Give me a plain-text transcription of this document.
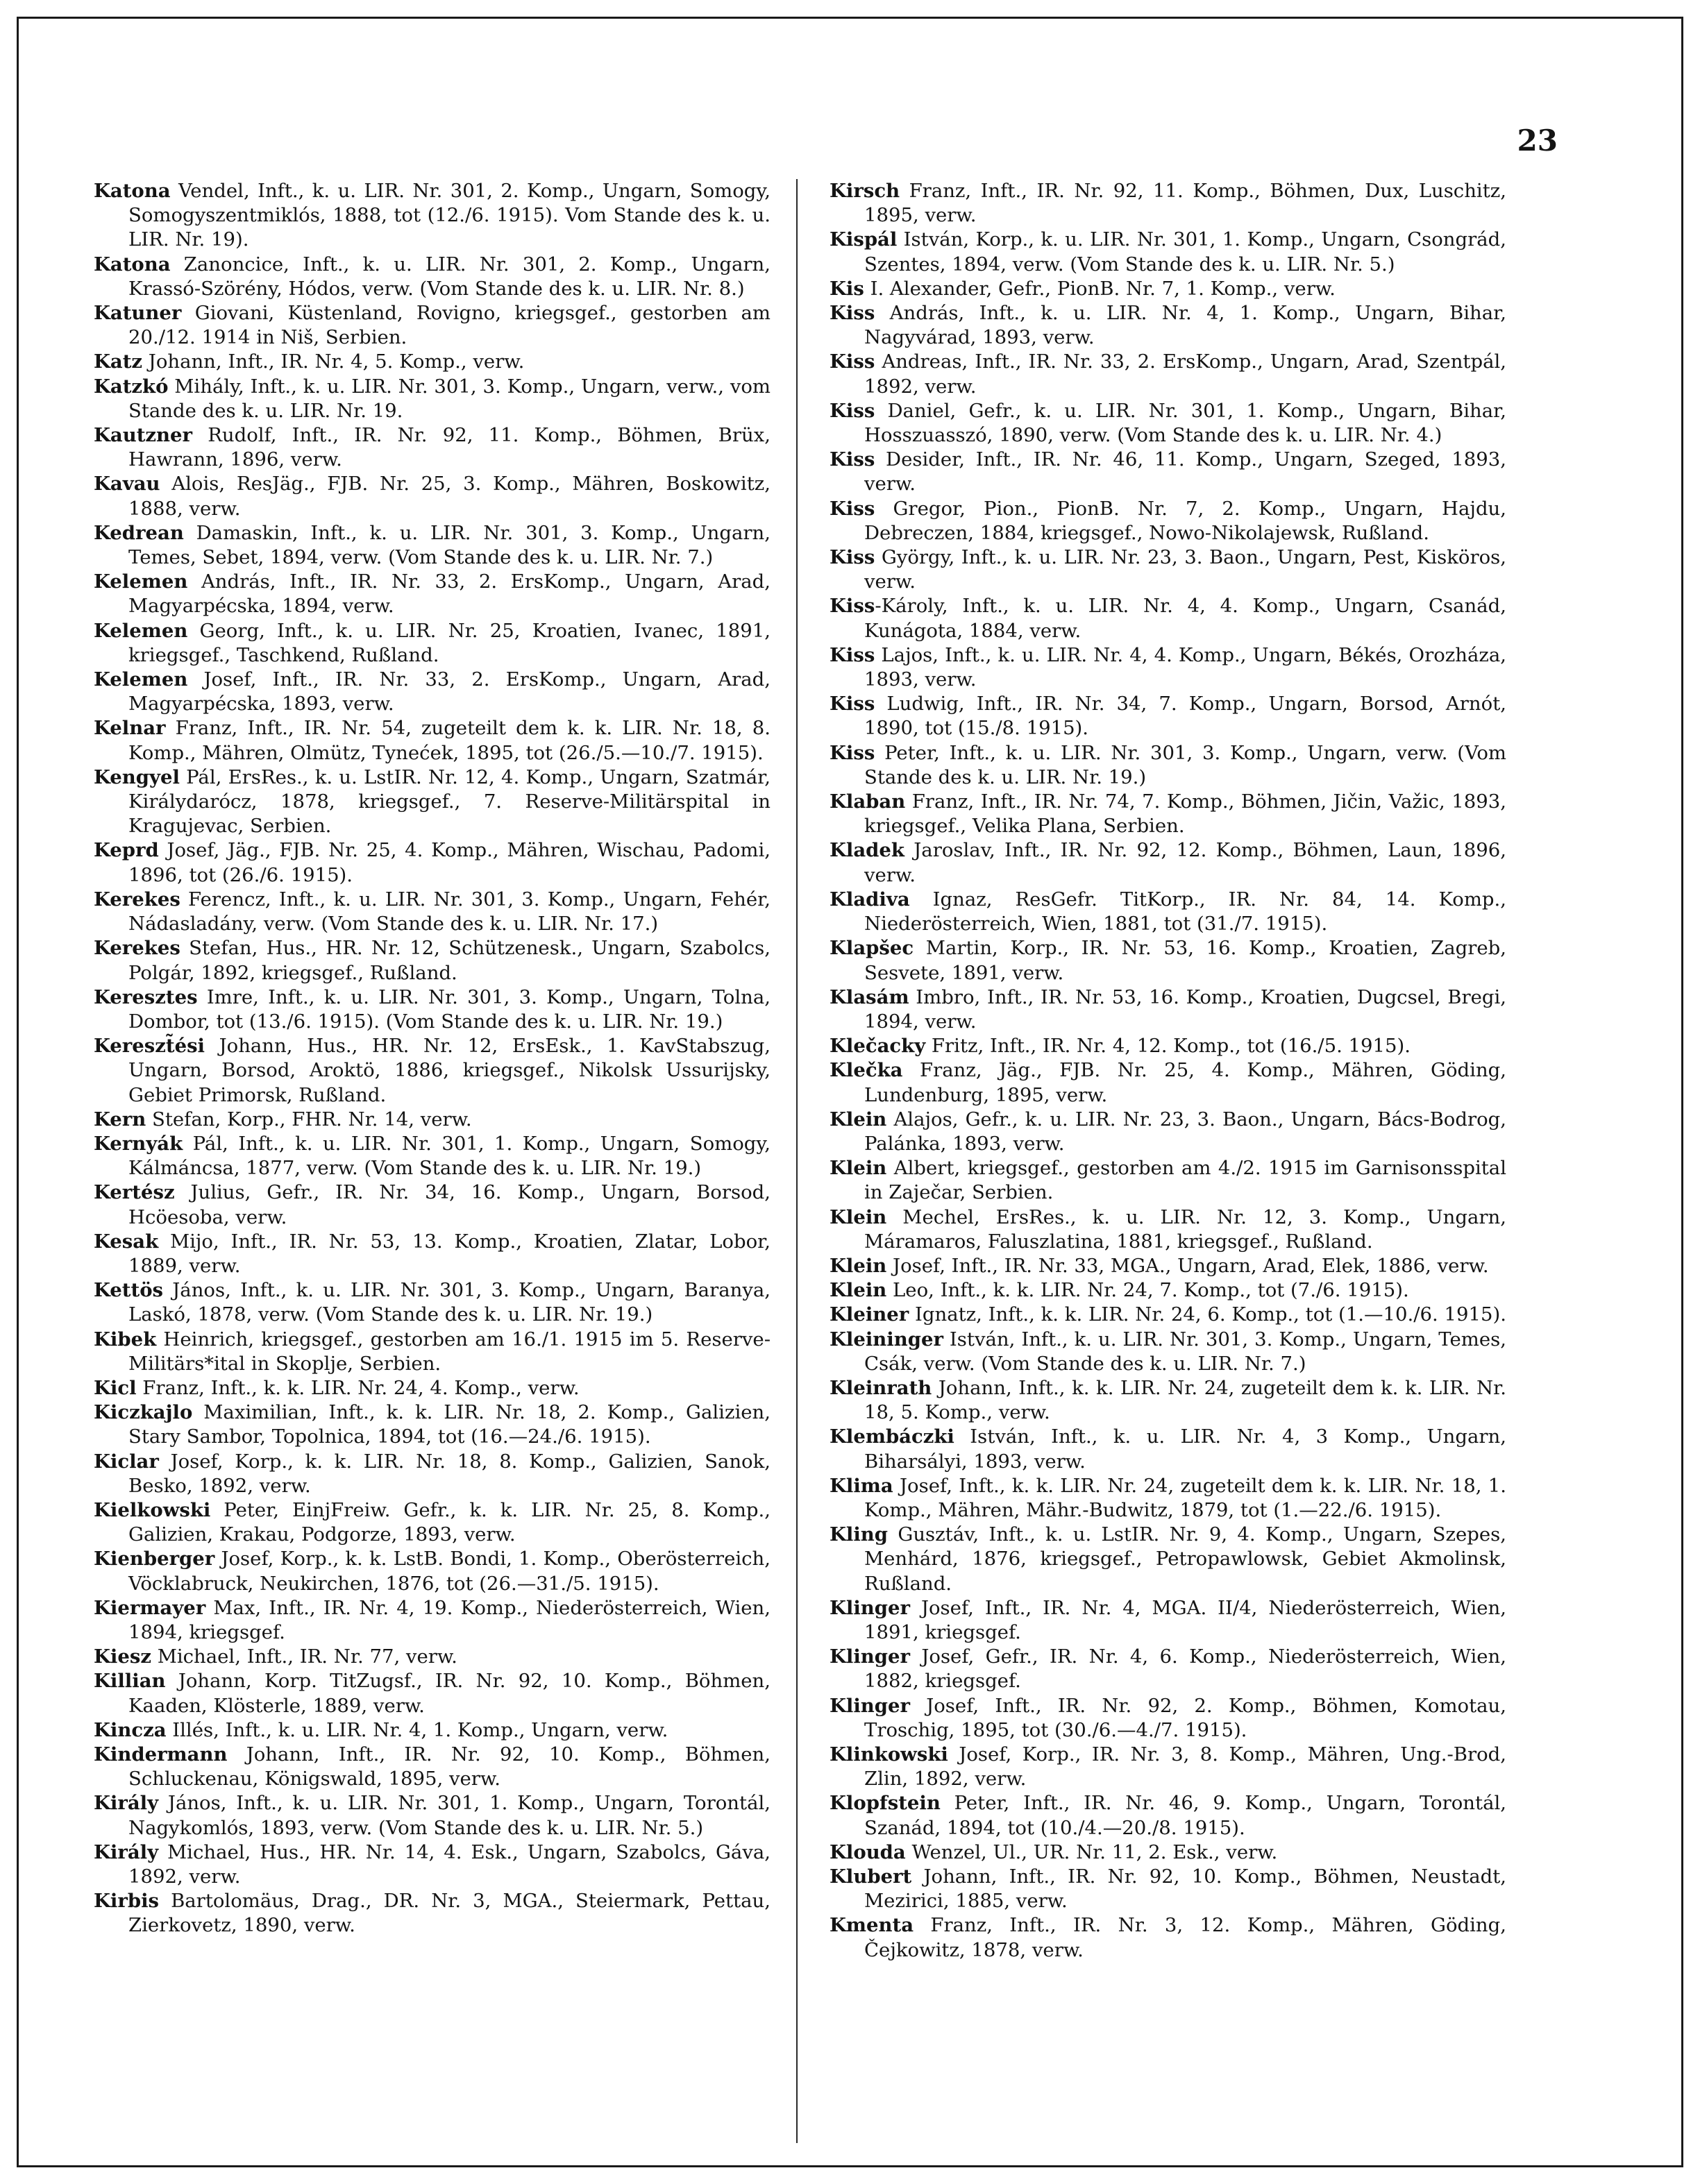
23
Katona Vendel, Inft., k. u. LIR. Nr. 301, 2. Komp., Ungarn, Somogy, Somogyszentmiklós, 1888, tot (12./6. 1915). Vom Stande des k. u. LIR. Nr. 19).
Katona Zanoncice, Inft., k. u. LIR. Nr. 301, 2. Komp., Ungarn, Krassó-Szörény, Hódos, verw. (Vom Stande des k. u. LIR. Nr. 8.)
Katuner Giovani, Küstenland, Rovigno, kriegsgef., gestorben am 20./12. 1914 in Niš, Serbien.
Katz Johann, Inft., IR. Nr. 4, 5. Komp., verw.
Katzkó Mihály, Inft., k. u. LIR. Nr. 301, 3. Komp., Ungarn, verw., vom Stande des k. u. LIR. Nr. 19.
Kautzner Rudolf, Inft., IR. Nr. 92, 11. Komp., Böhmen, Brüx, Hawrann, 1896, verw.
Kavau Alois, ResJäg., FJB. Nr. 25, 3. Komp., Mähren, Boskowitz, 1888, verw.
Kedrean Damaskin, Inft., k. u. LIR. Nr. 301, 3. Komp., Ungarn, Temes, Sebet, 1894, verw. (Vom Stande des k. u. LIR. Nr. 7.)
Kelemen András, Inft., IR. Nr. 33, 2. ErsKomp., Ungarn, Arad, Magyarpécska, 1894, verw.
Kelemen Georg, Inft., k. u. LIR. Nr. 25, Kroatien, Ivanec, 1891, kriegsgef., Taschkend, Rußland.
Kelemen Josef, Inft., IR. Nr. 33, 2. ErsKomp., Ungarn, Arad, Magyarpécska, 1893, verw.
Kelnar Franz, Inft., IR. Nr. 54, zugeteilt dem k. k. LIR. Nr. 18, 8. Komp., Mähren, Olmütz, Tynećek, 1895, tot (26./5.—10./7. 1915).
Kengyel Pál, ErsRes., k. u. LstIR. Nr. 12, 4. Komp., Ungarn, Szatmár, Királydarócz, 1878, kriegsgef., 7. Reserve-Militärspital in Kragujevac, Serbien.
Keprd Josef, Jäg., FJB. Nr. 25, 4. Komp., Mähren, Wischau, Padomi, 1896, tot (26./6. 1915).
Kerekes Ferencz, Inft., k. u. LIR. Nr. 301, 3. Komp., Ungarn, Fehér, Nádasladány, verw. (Vom Stande des k. u. LIR. Nr. 17.)
Kerekes Stefan, Hus., HR. Nr. 12, Schützenesk., Ungarn, Szabolcs, Polgár, 1892, kriegsgef., Rußland.
Keresztes Imre, Inft., k. u. LIR. Nr. 301, 3. Komp., Ungarn, Tolna, Dombor, tot (13./6. 1915). (Vom Stande des k. u. LIR. Nr. 19.)
Kereszt̃ési Johann, Hus., HR. Nr. 12, ErsEsk., 1. KavStabszug, Ungarn, Borsod, Aroktö, 1886, kriegsgef., Nikolsk Ussurijsky, Gebiet Primorsk, Rußland.
Kern Stefan, Korp., FHR. Nr. 14, verw.
Kernyák Pál, Inft., k. u. LIR. Nr. 301, 1. Komp., Ungarn, Somogy, Kálmáncsa, 1877, verw. (Vom Stande des k. u. LIR. Nr. 19.)
Kertész Julius, Gefr., IR. Nr. 34, 16. Komp., Ungarn, Borsod, Hcöesoba, verw.
Kesak Mijo, Inft., IR. Nr. 53, 13. Komp., Kroatien, Zlatar, Lobor, 1889, verw.
Kettös János, Inft., k. u. LIR. Nr. 301, 3. Komp., Ungarn, Baranya, Laskó, 1878, verw. (Vom Stande des k. u. LIR. Nr. 19.)
Kibek Heinrich, kriegsgef., gestorben am 16./1. 1915 im 5. Reserve-Militärs*ital in Skoplje, Serbien.
Kicl Franz, Inft., k. k. LIR. Nr. 24, 4. Komp., verw.
Kiczkajlo Maximilian, Inft., k. k. LIR. Nr. 18, 2. Komp., Galizien, Stary Sambor, Topolnica, 1894, tot (16.—24./6. 1915).
Kiclar Josef, Korp., k. k. LIR. Nr. 18, 8. Komp., Galizien, Sanok, Besko, 1892, verw.
Kielkowski Peter, EinjFreiw. Gefr., k. k. LIR. Nr. 25, 8. Komp., Galizien, Krakau, Podgorze, 1893, verw.
Kienberger Josef, Korp., k. k. LstB. Bondi, 1. Komp., Oberösterreich, Vöcklabruck, Neukirchen, 1876, tot (26.—31./5. 1915).
Kiermayer Max, Inft., IR. Nr. 4, 19. Komp., Niederösterreich, Wien, 1894, kriegsgef.
Kiesz Michael, Inft., IR. Nr. 77, verw.
Killian Johann, Korp. TitZugsf., IR. Nr. 92, 10. Komp., Böhmen, Kaaden, Klösterle, 1889, verw.
Kincza Illés, Inft., k. u. LIR. Nr. 4, 1. Komp., Ungarn, verw.
Kindermann Johann, Inft., IR. Nr. 92, 10. Komp., Böhmen, Schluckenau, Königswald, 1895, verw.
Király János, Inft., k. u. LIR. Nr. 301, 1. Komp., Ungarn, Torontál, Nagykomlós, 1893, verw. (Vom Stande des k. u. LIR. Nr. 5.)
Király Michael, Hus., HR. Nr. 14, 4. Esk., Ungarn, Szabolcs, Gáva, 1892, verw.
Kirbis Bartolomäus, Drag., DR. Nr. 3, MGA., Steiermark, Pettau, Zierkovetz, 1890, verw.
Kirsch Franz, Inft., IR. Nr. 92, 11. Komp., Böhmen, Dux, Luschitz, 1895, verw.
Kispál István, Korp., k. u. LIR. Nr. 301, 1. Komp., Ungarn, Csongrád, Szentes, 1894, verw. (Vom Stande des k. u. LIR. Nr. 5.)
Kis I. Alexander, Gefr., PionB. Nr. 7, 1. Komp., verw.
Kiss András, Inft., k. u. LIR. Nr. 4, 1. Komp., Ungarn, Bihar, Nagyvárad, 1893, verw.
Kiss Andreas, Inft., IR. Nr. 33, 2. ErsKomp., Ungarn, Arad, Szentpál, 1892, verw.
Kiss Daniel, Gefr., k. u. LIR. Nr. 301, 1. Komp., Ungarn, Bihar, Hosszuasszó, 1890, verw. (Vom Stande des k. u. LIR. Nr. 4.)
Kiss Desider, Inft., IR. Nr. 46, 11. Komp., Ungarn, Szeged, 1893, verw.
Kiss Gregor, Pion., PionB. Nr. 7, 2. Komp., Ungarn, Hajdu, Debreczen, 1884, kriegsgef., Nowo-Nikolajewsk, Rußland.
Kiss György, Inft., k. u. LIR. Nr. 23, 3. Baon., Ungarn, Pest, Kisköros, verw.
Kiss-Károly, Inft., k. u. LIR. Nr. 4, 4. Komp., Ungarn, Csanád, Kunágota, 1884, verw.
Kiss Lajos, Inft., k. u. LIR. Nr. 4, 4. Komp., Ungarn, Békés, Orozháza, 1893, verw.
Kiss Ludwig, Inft., IR. Nr. 34, 7. Komp., Ungarn, Borsod, Arnót, 1890, tot (15./8. 1915).
Kiss Peter, Inft., k. u. LIR. Nr. 301, 3. Komp., Ungarn, verw. (Vom Stande des k. u. LIR. Nr. 19.)
Klaban Franz, Inft., IR. Nr. 74, 7. Komp., Böhmen, Jičin, Važic, 1893, kriegsgef., Velika Plana, Serbien.
Kladek Jaroslav, Inft., IR. Nr. 92, 12. Komp., Böhmen, Laun, 1896, verw.
Kladiva Ignaz, ResGefr. TitKorp., IR. Nr. 84, 14. Komp., Niederösterreich, Wien, 1881, tot (31./7. 1915).
Klapšec Martin, Korp., IR. Nr. 53, 16. Komp., Kroatien, Zagreb, Sesvete, 1891, verw.
Klasám Imbro, Inft., IR. Nr. 53, 16. Komp., Kroatien, Dugcsel, Bregi, 1894, verw.
Klečacky Fritz, Inft., IR. Nr. 4, 12. Komp., tot (16./5. 1915).
Klečka Franz, Jäg., FJB. Nr. 25, 4. Komp., Mähren, Göding, Lundenburg, 1895, verw.
Klein Alajos, Gefr., k. u. LIR. Nr. 23, 3. Baon., Ungarn, Bács-Bodrog, Palánka, 1893, verw.
Klein Albert, kriegsgef., gestorben am 4./2. 1915 im Garnisonsspital in Zaječar, Serbien.
Klein Mechel, ErsRes., k. u. LIR. Nr. 12, 3. Komp., Ungarn, Máramaros, Faluszlatina, 1881, kriegsgef., Rußland.
Klein Josef, Inft., IR. Nr. 33, MGA., Ungarn, Arad, Elek, 1886, verw.
Klein Leo, Inft., k. k. LIR. Nr. 24, 7. Komp., tot (7./6. 1915).
Kleiner Ignatz, Inft., k. k. LIR. Nr. 24, 6. Komp., tot (1.—10./6. 1915).
Kleininger István, Inft., k. u. LIR. Nr. 301, 3. Komp., Ungarn, Temes, Csák, verw. (Vom Stande des k. u. LIR. Nr. 7.)
Kleinrath Johann, Inft., k. k. LIR. Nr. 24, zugeteilt dem k. k. LIR. Nr. 18, 5. Komp., verw.
Klembáczki István, Inft., k. u. LIR. Nr. 4, 3 Komp., Ungarn, Biharsályi, 1893, verw.
Klima Josef, Inft., k. k. LIR. Nr. 24, zugeteilt dem k. k. LIR. Nr. 18, 1. Komp., Mähren, Mähr.-Budwitz, 1879, tot (1.—22./6. 1915).
Kling Gusztáv, Inft., k. u. LstIR. Nr. 9, 4. Komp., Ungarn, Szepes, Menhárd, 1876, kriegsgef., Petropawlowsk, Gebiet Akmolinsk, Rußland.
Klinger Josef, Inft., IR. Nr. 4, MGA. II/4, Niederösterreich, Wien, 1891, kriegsgef.
Klinger Josef, Gefr., IR. Nr. 4, 6. Komp., Niederösterreich, Wien, 1882, kriegsgef.
Klinger Josef, Inft., IR. Nr. 92, 2. Komp., Böhmen, Komotau, Troschig, 1895, tot (30./6.—4./7. 1915).
Klinkowski Josef, Korp., IR. Nr. 3, 8. Komp., Mähren, Ung.-Brod, Zlin, 1892, verw.
Klopfstein Peter, Inft., IR. Nr. 46, 9. Komp., Ungarn, Torontál, Szanád, 1894, tot (10./4.—20./8. 1915).
Klouda Wenzel, Ul., UR. Nr. 11, 2. Esk., verw.
Klubert Johann, Inft., IR. Nr. 92, 10. Komp., Böhmen, Neustadt, Mezirici, 1885, verw.
Kmenta Franz, Inft., IR. Nr. 3, 12. Komp., Mähren, Göding, Čejkowitz, 1878, verw.
